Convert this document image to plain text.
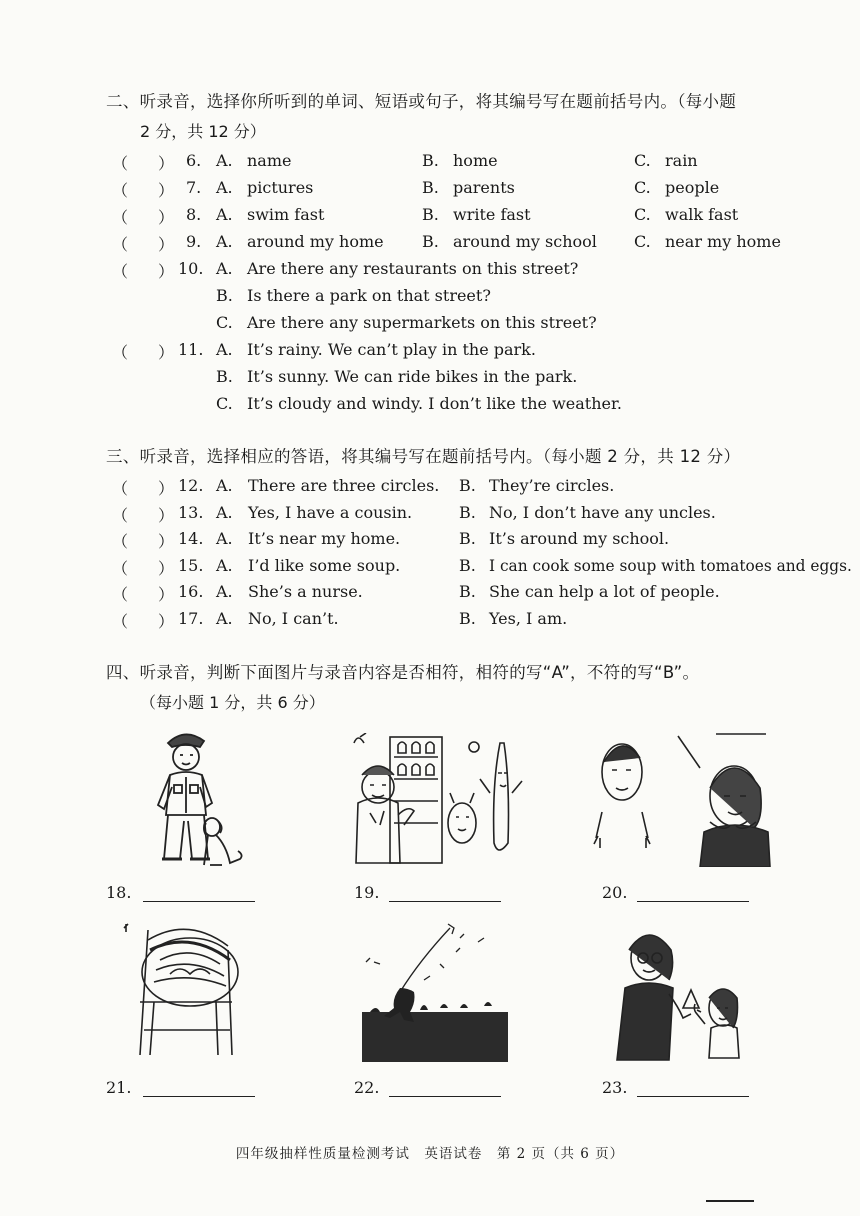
二、听录音，选择你所听到的单词、短语或句子，将其编号写在题前括号内。（每小题
2 分，共 12 分）
（ ） 6. A. name	B. home	C. rain
（ ） 7. A. pictures	B. parents	C. people
（ ） 8. A. swim fast	B. write fast	C. walk fast
（ ） 9. A. around my home B. around my school C. near my home
（ ） 10. A. Are there any restaurants on this street?
B. Is there a park on that street?
C. Are there any supermarkets on this street?
（ ） 11. A. It’s rainy. We can’t play in the park.
B. It’s sunny. We can ride bikes in the park.
C. It’s cloudy and windy. I don’t like the weather.
三、听录音，选择相应的答语，将其编号写在题前括号内。（每小题 2 分，共 12 分）
（ ） 12. A. There are three circles. B. They’re circles.
（ ） 13. A. Yes, I have a cousin.	B. No, I don’t have any uncles.
（ ） 14. A. It’s near my home.	B. It’s around my school.
（ ） 15. A. I’d like some soup.	B. I can cook some soup with tomatoes and eggs.
（ ） 16. A. She’s a nurse.	B. She can help a lot of people.
（ ） 17. A. No, I can’t.	B. Yes, I am.
四、听录音，判断下面图片与录音内容是否相符，相符的写“A”，不符的写“B”。
（每小题 1 分，共 6 分）
18.	19.	20.
21.	22.	23.
四年级抽样性质量检测考试　英语试卷　第 2 页（共 6 页）
